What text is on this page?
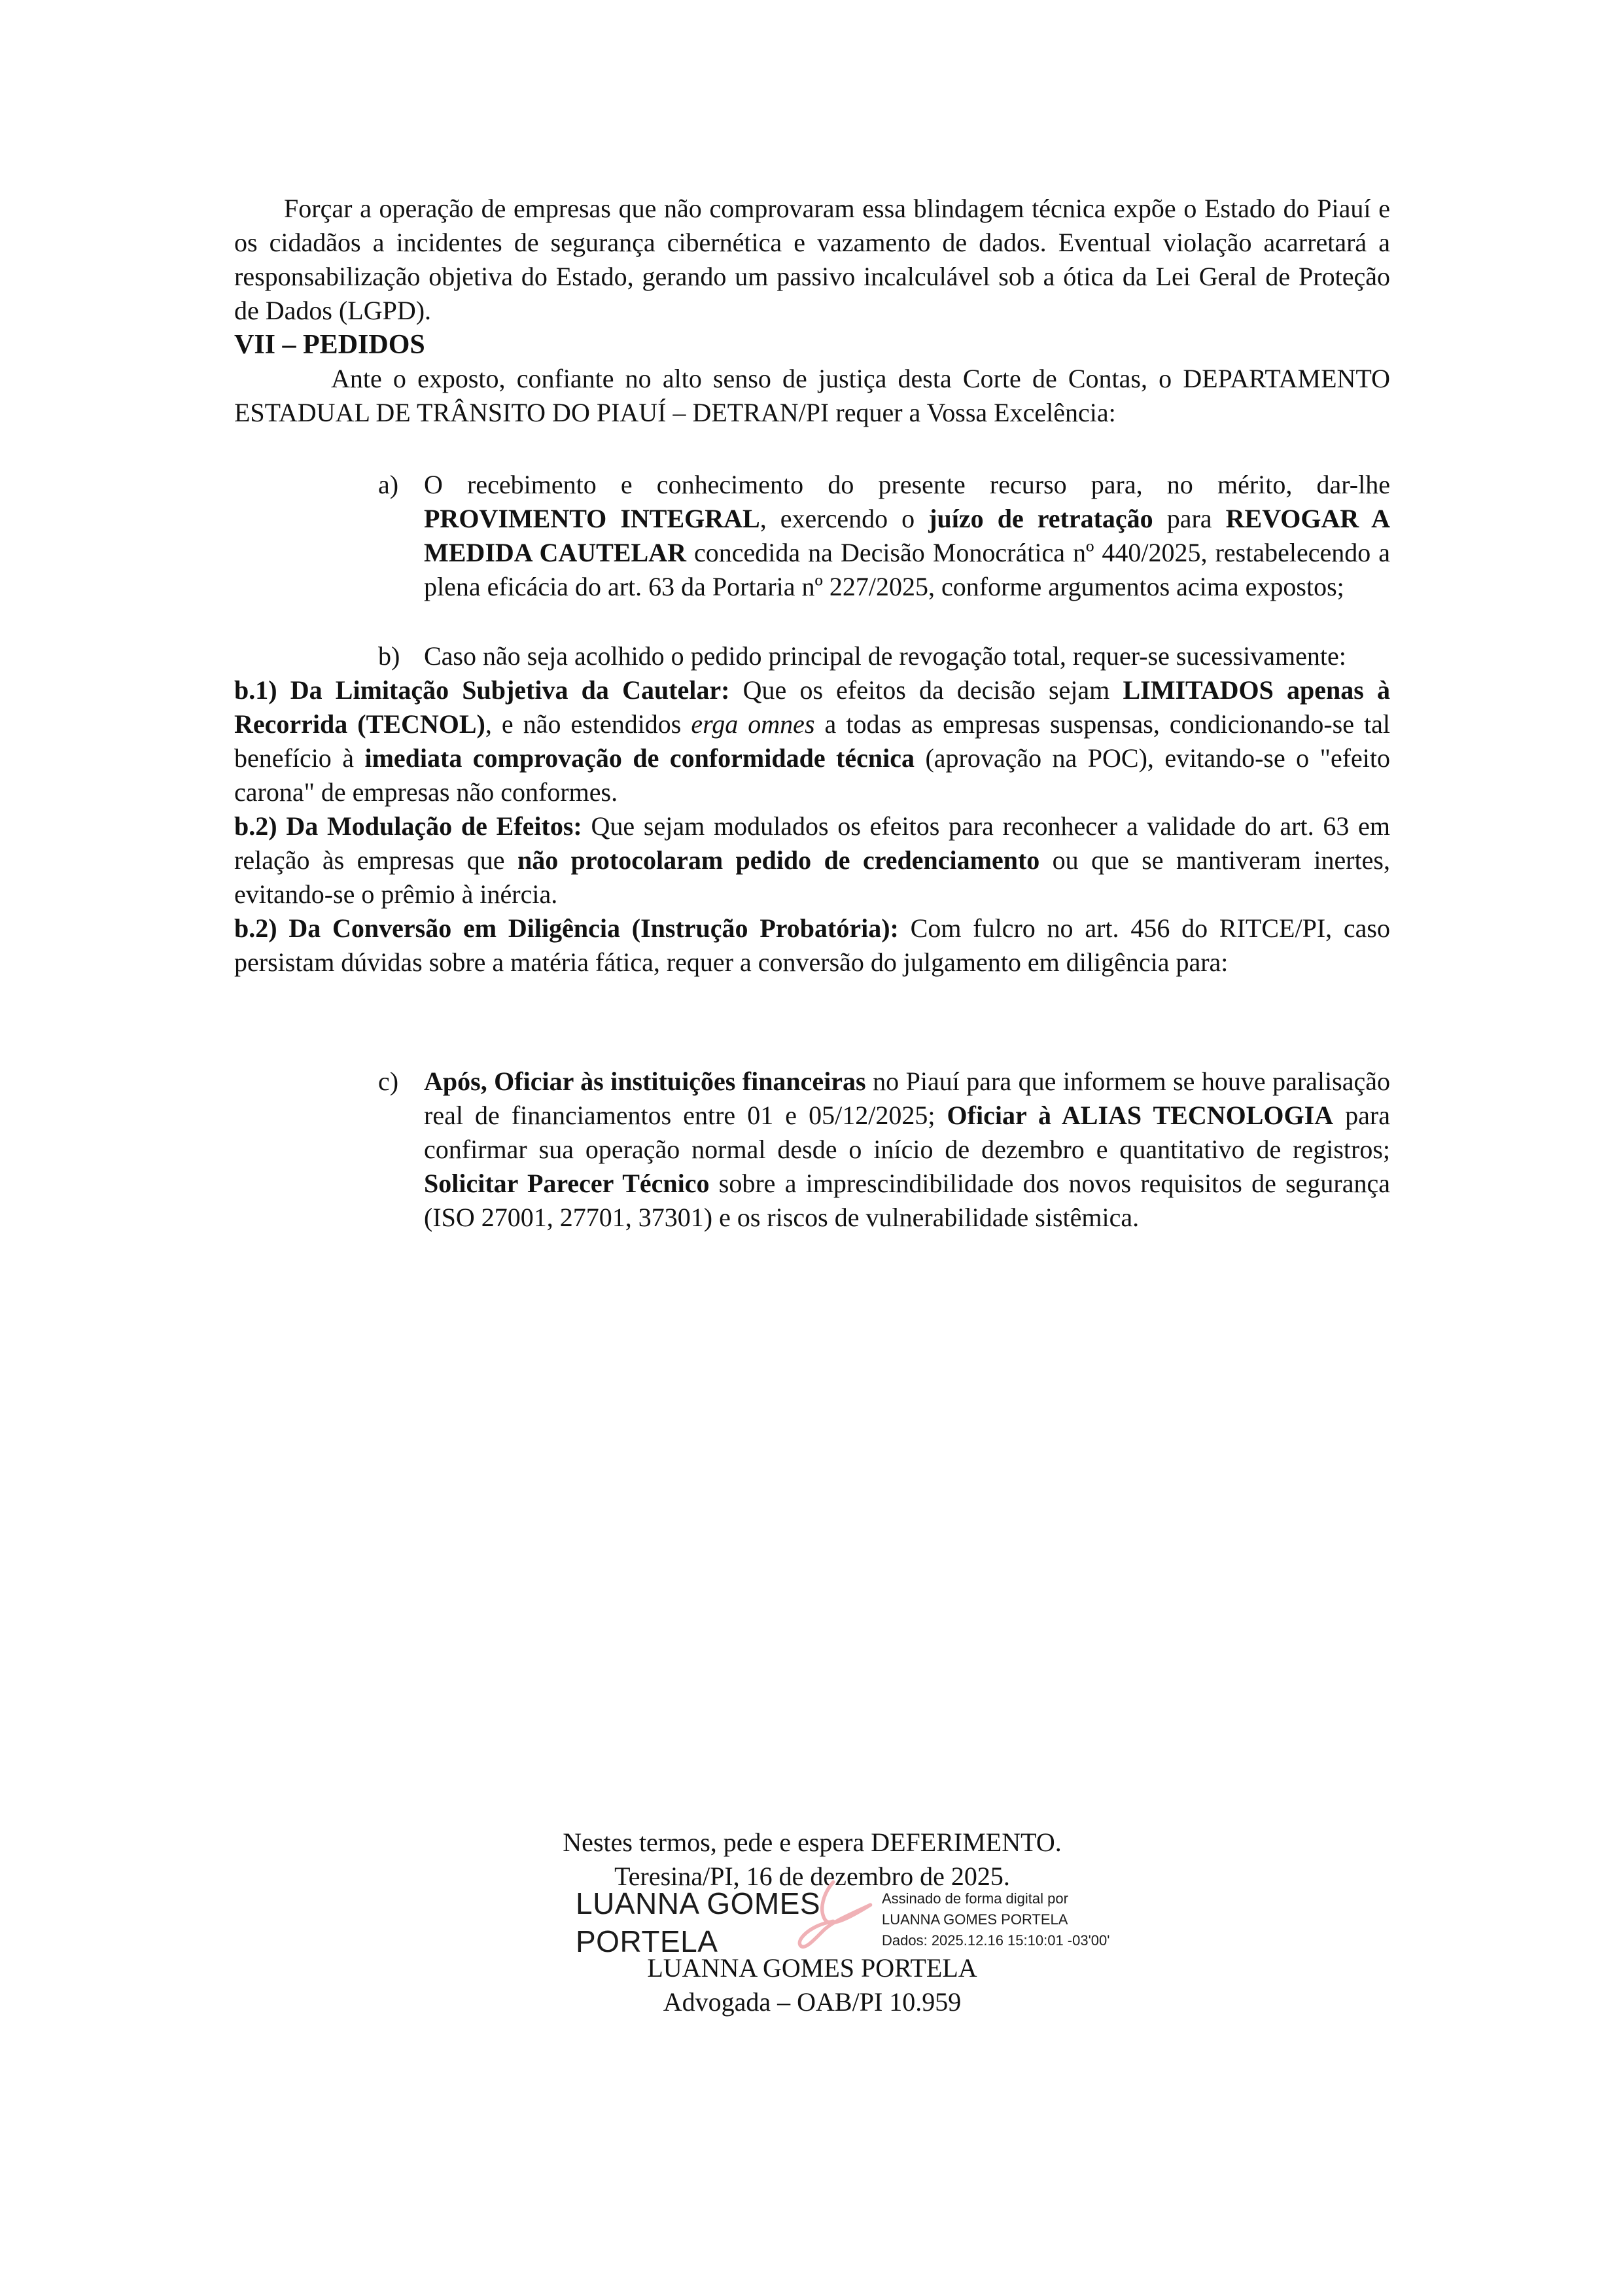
Forçar a operação de empresas que não comprovaram essa blindagem técnica expõe o Estado do Piauí e os cidadãos a incidentes de segurança cibernética e vazamento de dados. Eventual violação acarretará a responsabilização objetiva do Estado, gerando um passivo incalculável sob a ótica da Lei Geral de Proteção de Dados (LGPD).

VII – PEDIDOS

Ante o exposto, confiante no alto senso de justiça desta Corte de Contas, o DEPARTAMENTO ESTADUAL DE TRÂNSITO DO PIAUÍ – DETRAN/PI requer a Vossa Excelência:

a) O recebimento e conhecimento do presente recurso para, no mérito, dar-lhe PROVIMENTO INTEGRAL, exercendo o juízo de retratação para REVOGAR A MEDIDA CAUTELAR concedida na Decisão Monocrática nº 440/2025, restabelecendo a plena eficácia do art. 63 da Portaria nº 227/2025, conforme argumentos acima expostos;
b) Caso não seja acolhido o pedido principal de revogação total, requer-se sucessivamente:

b.1) Da Limitação Subjetiva da Cautelar: Que os efeitos da decisão sejam LIMITADOS apenas à Recorrida (TECNOL), e não estendidos erga omnes a todas as empresas suspensas, condicionando-se tal benefício à imediata comprovação de conformidade técnica (aprovação na POC), evitando-se o "efeito carona" de empresas não conformes.

b.2) Da Modulação de Efeitos: Que sejam modulados os efeitos para reconhecer a validade do art. 63 em relação às empresas que não protocolaram pedido de credenciamento ou que se mantiveram inertes, evitando-se o prêmio à inércia.

b.2) Da Conversão em Diligência (Instrução Probatória): Com fulcro no art. 456 do RITCE/PI, caso persistam dúvidas sobre a matéria fática, requer a conversão do julgamento em diligência para:

c) Após, Oficiar às instituições financeiras no Piauí para que informem se houve paralisação real de financiamentos entre 01 e 05/12/2025; Oficiar à ALIAS TECNOLOGIA para confirmar sua operação normal desde o início de dezembro e quantitativo de registros; Solicitar Parecer Técnico sobre a imprescindibilidade dos novos requisitos de segurança (ISO 27001, 27701, 37301) e os riscos de vulnerabilidade sistêmica.

Nestes termos, pede e espera DEFERIMENTO.

Teresina/PI, 16 de dezembro de 2025.

LUANNA GOMES
PORTELA
Assinado de forma digital por
LUANNA GOMES PORTELA
Dados: 2025.12.16 15:10:01 -03'00'

LUANNA GOMES PORTELA

Advogada – OAB/PI 10.959
